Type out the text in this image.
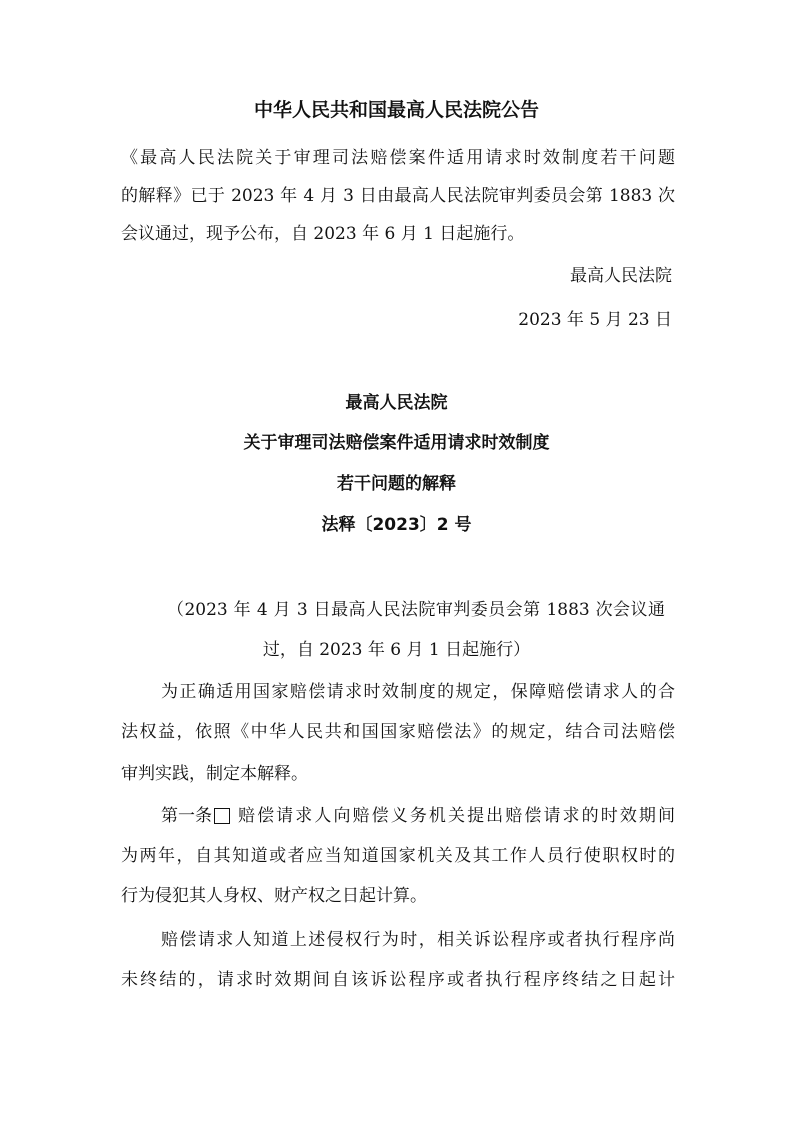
中华人民共和国最高人民法院公告
《最高人民法院关于审理司法赔偿案件适用请求时效制度若干问题
的解释》已于 2023 年 4 月 3 日由最高人民法院审判委员会第 1883 次
会议通过，现予公布，自 2023 年 6 月 1 日起施行。
最高人民法院
2023 年 5 月 23 日
最高人民法院
关于审理司法赔偿案件适用请求时效制度
若干问题的解释
法释〔2023〕2 号
（2023 年 4 月 3 日最高人民法院审判委员会第 1883 次会议通
过，自 2023 年 6 月 1 日起施行）
为正确适用国家赔偿请求时效制度的规定，保障赔偿请求人的合
法权益，依照《中华人民共和国国家赔偿法》的规定，结合司法赔偿
审判实践，制定本解释。
第一条 赔偿请求人向赔偿义务机关提出赔偿请求的时效期间
为两年，自其知道或者应当知道国家机关及其工作人员行使职权时的
行为侵犯其人身权、财产权之日起计算。
赔偿请求人知道上述侵权行为时，相关诉讼程序或者执行程序尚
未终结的，请求时效期间自该诉讼程序或者执行程序终结之日起计
